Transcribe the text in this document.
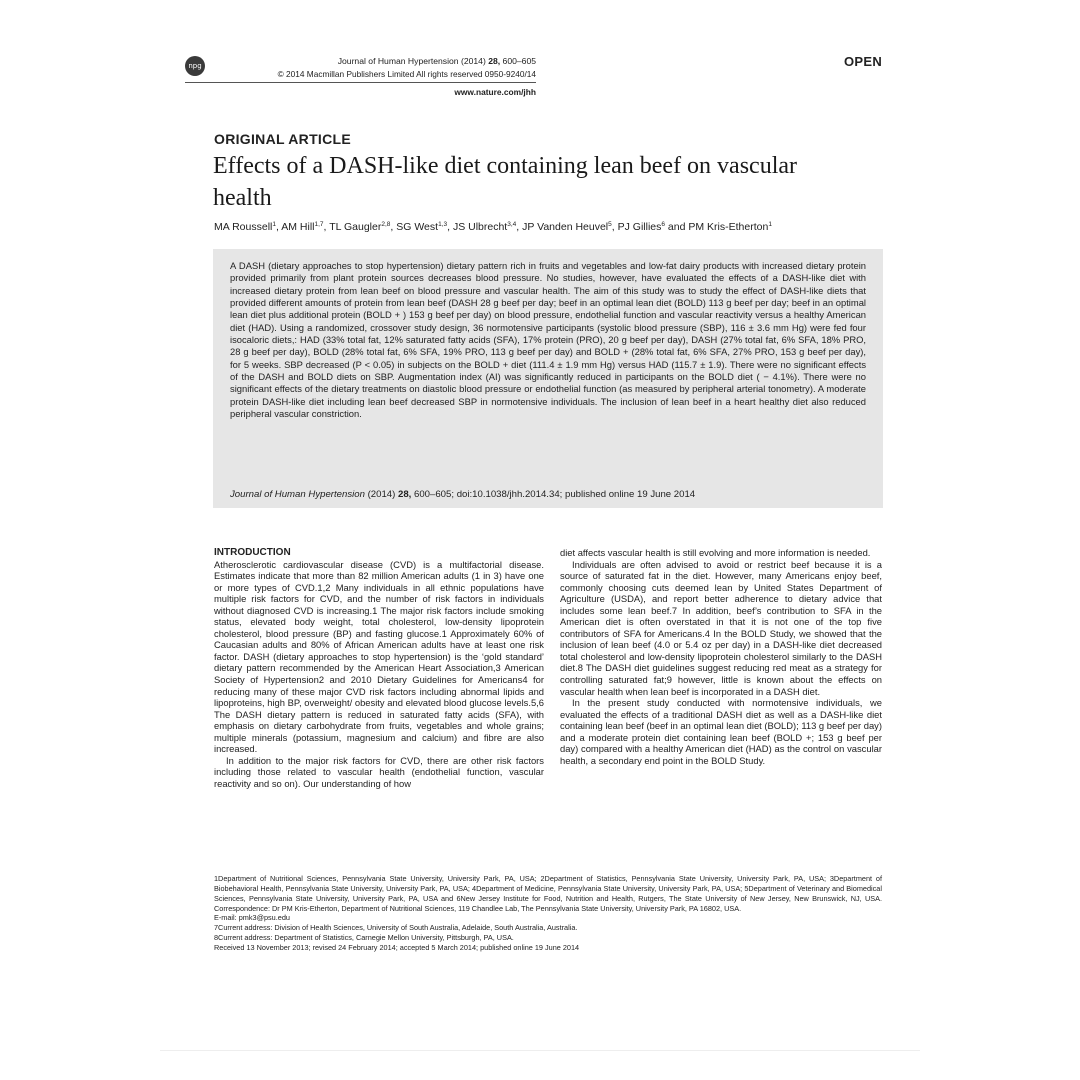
npg	Journal of Human Hypertension (2014) 28, 600–605
© 2014 Macmillan Publishers Limited All rights reserved 0950-9240/14
www.nature.com/jhh
OPEN
ORIGINAL ARTICLE
Effects of a DASH-like diet containing lean beef on vascular health
MA Roussell$^1$, AM Hill$^{1,7}$, TL Gaugler$^{2,8}$, SG West$^{1,3}$, JS Ulbrecht$^{3,4}$, JP Vanden Heuvel$^5$, PJ Gillies$^6$ and PM Kris-Etherton$^1$

A DASH (dietary approaches to stop hypertension) dietary pattern rich in fruits and vegetables and low-fat dairy products with increased dietary protein provided primarily from plant protein sources decreases blood pressure. No studies, however, have evaluated the effects of a DASH-like diet with increased dietary protein from lean beef on blood pressure and vascular health. The aim of this study was to study the effect of DASH-like diets that provided different amounts of protein from lean beef (DASH 28 g beef per day; beef in an optimal lean diet (BOLD) 113 g beef per day; beef in an optimal lean diet plus additional protein (BOLD + ) 153 g beef per day) on blood pressure, endothelial function and vascular reactivity versus a healthy American diet (HAD). Using a randomized, crossover study design, 36 normotensive participants (systolic blood pressure (SBP), 116 ± 3.6 mm Hg) were fed four isocaloric diets,: HAD (33% total fat, 12% saturated fatty acids (SFA), 17% protein (PRO), 20 g beef per day), DASH (27% total fat, 6% SFA, 18% PRO, 28 g beef per day), BOLD (28% total fat, 6% SFA, 19% PRO, 113 g beef per day) and BOLD + (28% total fat, 6% SFA, 27% PRO, 153 g beef per day), for 5 weeks. SBP decreased (P < 0.05) in subjects on the BOLD + diet (111.4 ± 1.9 mm Hg) versus HAD (115.7 ± 1.9). There were no significant effects of the DASH and BOLD diets on SBP. Augmentation index (AI) was significantly reduced in participants on the BOLD diet ( − 4.1%). There were no significant effects of the dietary treatments on diastolic blood pressure or endothelial function (as measured by peripheral arterial tonometry). A moderate protein DASH-like diet including lean beef decreased SBP in normotensive individuals. The inclusion of lean beef in a heart healthy diet also reduced peripheral vascular constriction.

Journal of Human Hypertension (2014) 28, 600–605; doi:10.1038/jhh.2014.34; published online 19 June 2014

INTRODUCTION

Atherosclerotic cardiovascular disease (CVD) is a multifactorial disease. Estimates indicate that more than 82 million American adults (1 in 3) have one or more types of CVD.1,2 Many individuals in all ethnic populations have multiple risk factors for CVD, and the number of risk factors in individuals without diagnosed CVD is increasing.1 The major risk factors include smoking status, elevated body weight, total cholesterol, low-density lipoprotein cholesterol, blood pressure (BP) and fasting glucose.1 Approximately 60% of Caucasian adults and 80% of African American adults have at least one risk factor. DASH (dietary approaches to stop hypertension) is the ‘gold standard’ dietary pattern recommended by the American Heart Association,3 American Society of Hypertension2 and 2010 Dietary Guidelines for Americans4 for reducing many of these major CVD risk factors including abnormal lipids and lipoproteins, high BP, overweight/ obesity and elevated blood glucose levels.5,6 The DASH dietary pattern is reduced in saturated fatty acids (SFA), with emphasis on dietary carbohydrate from fruits, vegetables and whole grains; multiple minerals (potassium, magnesium and calcium) and fibre are also increased.

In addition to the major risk factors for CVD, there are other risk factors including those related to vascular health (endothelial function, vascular reactivity and so on). Our understanding of how

diet affects vascular health is still evolving and more information is needed.

Individuals are often advised to avoid or restrict beef because it is a source of saturated fat in the diet. However, many Americans enjoy beef, commonly choosing cuts deemed lean by United States Department of Agriculture (USDA), and report better adherence to dietary advice that includes some lean beef.7 In addition, beef’s contribution to SFA in the American diet is often overstated in that it is not one of the top five contributors of SFA for Americans.4 In the BOLD Study, we showed that the inclusion of lean beef (4.0 or 5.4 oz per day) in a DASH-like diet decreased total cholesterol and low-density lipoprotein cholesterol similarly to the DASH diet.8 The DASH diet guidelines suggest reducing red meat as a strategy for controlling saturated fat;9 however, little is known about the effects on vascular health when lean beef is incorporated in a DASH diet.

In the present study conducted with normotensive individuals, we evaluated the effects of a traditional DASH diet as well as a DASH-like diet containing lean beef (beef in an optimal lean diet (BOLD); 113 g beef per day) and a moderate protein diet containing lean beef (BOLD +; 153 g beef per day) compared with a healthy American diet (HAD) as the control on vascular health, a secondary end point in the BOLD Study.

1Department of Nutritional Sciences, Pennsylvania State University, University Park, PA, USA; 2Department of Statistics, Pennsylvania State University, University Park, PA, USA; 3Department of Biobehavioral Health, Pennsylvania State University, University Park, PA, USA; 4Department of Medicine, Pennsylvania State University, University Park, PA, USA; 5Department of Veterinary and Biomedical Sciences, Pennsylvania State University, University Park, PA, USA and 6New Jersey Institute for Food, Nutrition and Health, Rutgers, The State University of New Jersey, New Brunswick, NJ, USA. Correspondence: Dr PM Kris-Etherton, Department of Nutritional Sciences, 119 Chandlee Lab, The Pennsylvania State University, University Park, PA 16802, USA.

E-mail: pmk3@psu.edu

7Current address: Division of Health Sciences, University of South Australia, Adelaide, South Australia, Australia.

8Current address: Department of Statistics, Carnegie Mellon University, Pittsburgh, PA, USA.

Received 13 November 2013; revised 24 February 2014; accepted 5 March 2014; published online 19 June 2014
